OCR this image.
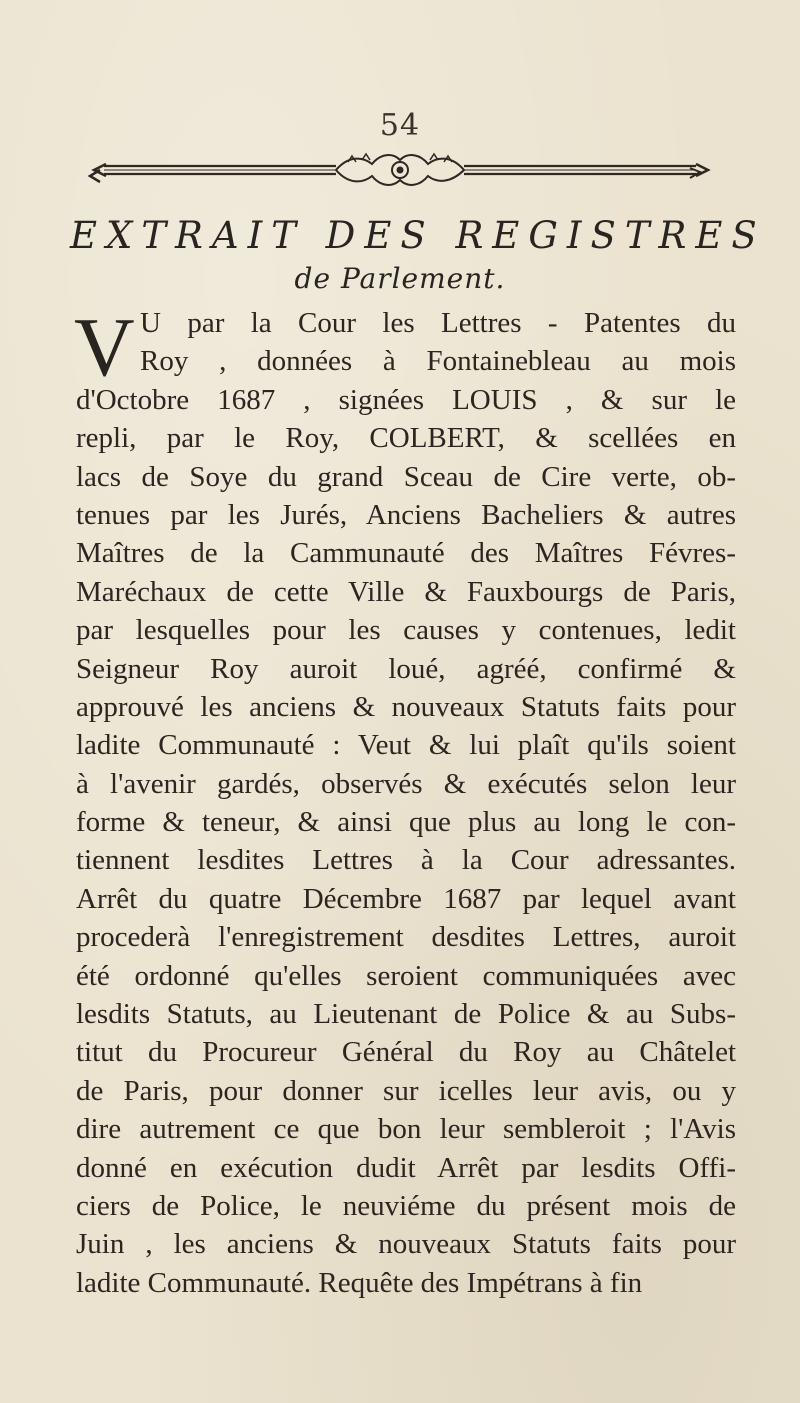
54
EXTRAIT DES REGISTRES
de Parlement.
V U par la Cour les Lettres - Patentes du
Roy , données à Fontainebleau au mois
d'Octobre 1687 , signées LOUIS , & sur le
repli, par le Roy, COLBERT, & scellées en
lacs de Soye du grand Sceau de Cire verte, ob-
tenues par les Jurés, Anciens Bacheliers & autres
Maîtres de la Cammunauté des Maîtres Févres-
Maréchaux de cette Ville & Fauxbourgs de Paris,
par lesquelles pour les causes y contenues, ledit
Seigneur Roy auroit loué, agréé, confirmé &
approuvé les anciens & nouveaux Statuts faits pour
ladite Communauté : Veut & lui plaît qu'ils soient
à l'avenir gardés, observés & exécutés selon leur
forme & teneur, & ainsi que plus au long le con-
tiennent lesdites Lettres à la Cour adressantes.
Arrêt du quatre Décembre 1687 par lequel avant
procederà l'enregistrement desdites Lettres, auroit
été ordonné qu'elles seroient communiquées avec
lesdits Statuts, au Lieutenant de Police & au Subs-
titut du Procureur Général du Roy au Châtelet
de Paris, pour donner sur icelles leur avis, ou y
dire autrement ce que bon leur sembleroit ; l'Avis
donné en exécution dudit Arrêt par lesdits Offi-
ciers de Police, le neuviéme du présent mois de
Juin , les anciens & nouveaux Statuts faits pour
ladite Communauté. Requête des Impétrans à fin
